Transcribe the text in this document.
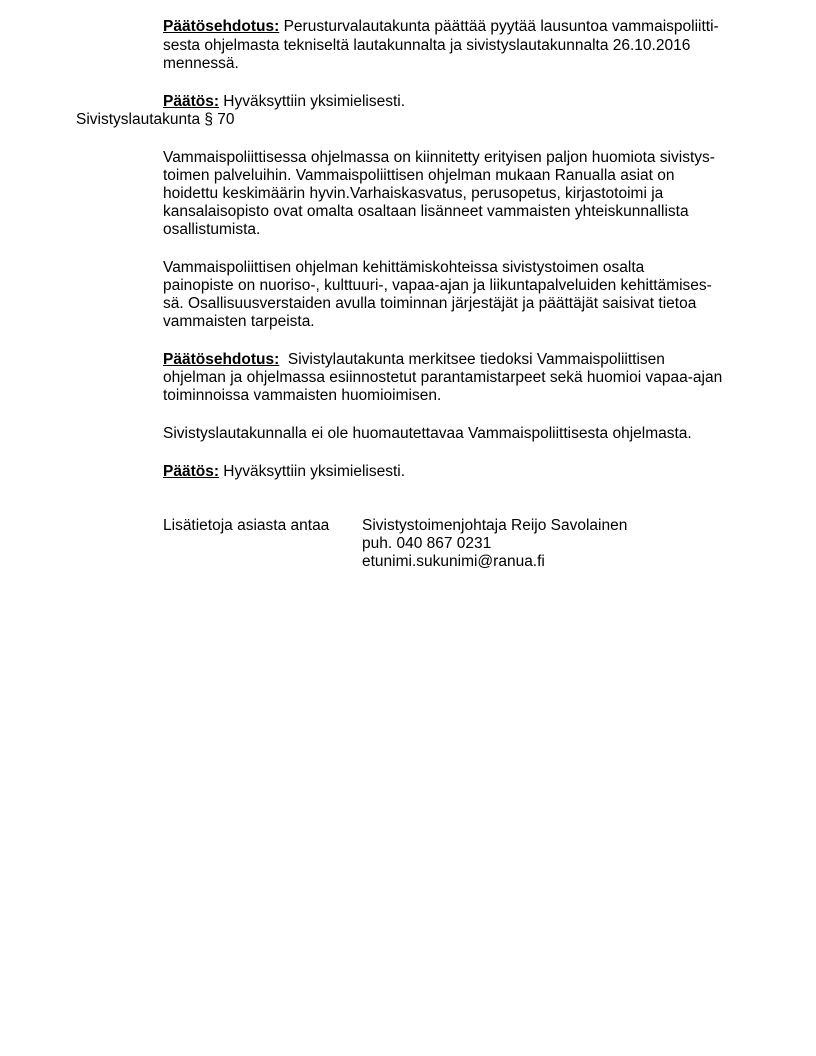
Päätösehdotus: Perusturvalautakunta päättää pyytää lausuntoa vammaispoliitti-
sesta ohjelmasta tekniseltä lautakunnalta ja sivistyslautakunnalta 26.10.2016
mennessä.
Päätös: Hyväksyttiin yksimielisesti.
Sivistyslautakunta § 70
Vammaispoliittisessa ohjelmassa on kiinnitetty erityisen paljon huomiota sivistys-
toimen palveluihin. Vammaispoliittisen ohjelman mukaan Ranualla asiat on
hoidettu keskimäärin hyvin.Varhaiskasvatus, perusopetus, kirjastotoimi ja
kansalaisopisto ovat omalta osaltaan lisänneet vammaisten yhteiskunnallista
osallistumista.
Vammaispoliittisen ohjelman kehittämiskohteissa sivistystoimen osalta
painopiste on nuoriso-, kulttuuri-, vapaa-ajan ja liikuntapalveluiden kehittämises-
sä. Osallisuusverstaiden avulla toiminnan järjestäjät ja päättäjät saisivat tietoa
vammaisten tarpeista.
Päätösehdotus:  Sivistylautakunta merkitsee tiedoksi Vammaispoliittisen
ohjelman ja ohjelmassa esiinnostetut parantamistarpeet sekä huomioi vapaa-ajan
toiminnoissa vammaisten huomioimisen.
Sivistyslautakunnalla ei ole huomautettavaa Vammaispoliittisesta ohjelmasta.
Päätös: Hyväksyttiin yksimielisesti.
Lisätietoja asiasta antaa Sivistystoimenjohtaja Reijo Savolainen
puh. 040 867 0231
etunimi.sukunimi@ranua.fi
